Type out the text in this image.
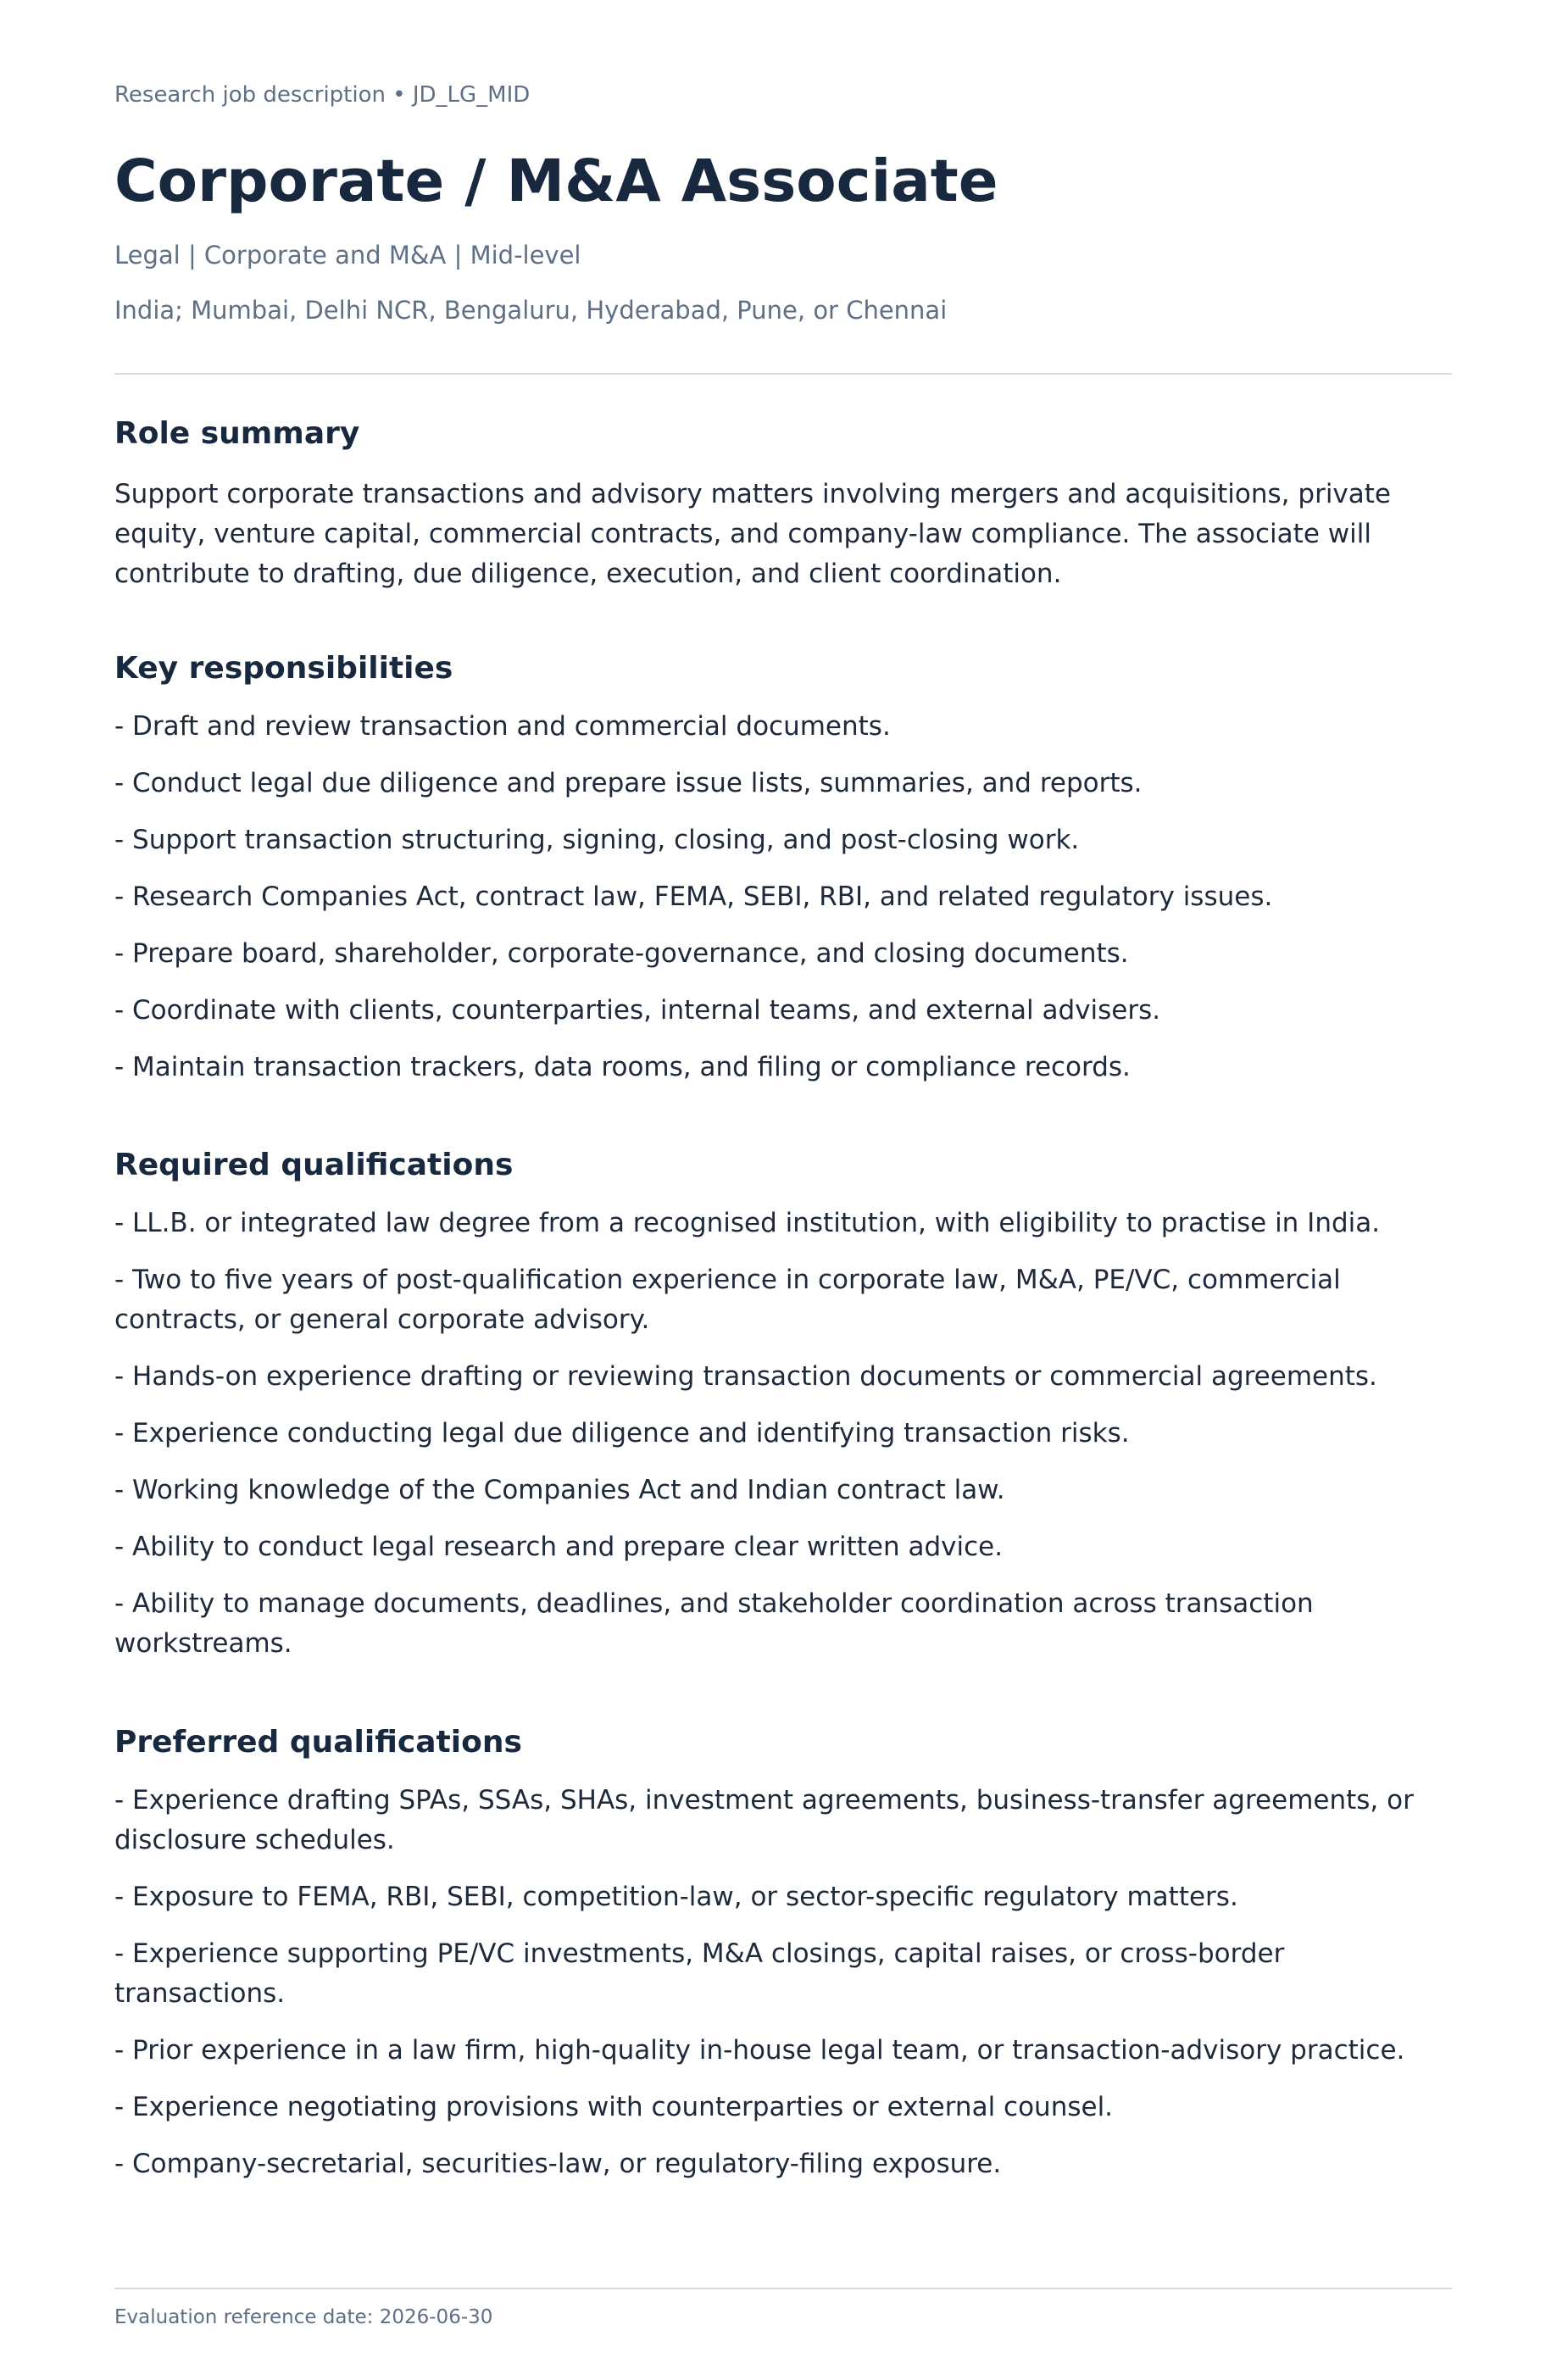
Research job description • JD_LG_MID
Corporate / M&A Associate
Legal | Corporate and M&A | Mid-level
India; Mumbai, Delhi NCR, Bengaluru, Hyderabad, Pune, or Chennai
Role summary

Support corporate transactions and advisory matters involving mergers and acquisitions, private equity, venture capital, commercial contracts, and company-law compliance. The associate will contribute to drafting, due diligence, execution, and client coordination.

Key responsibilities
- Draft and review transaction and commercial documents.
- Conduct legal due diligence and prepare issue lists, summaries, and reports.
- Support transaction structuring, signing, closing, and post-closing work.
- Research Companies Act, contract law, FEMA, SEBI, RBI, and related regulatory issues.
- Prepare board, shareholder, corporate-governance, and closing documents.
- Coordinate with clients, counterparties, internal teams, and external advisers.
- Maintain transaction trackers, data rooms, and filing or compliance records.
Required qualifications
- LL.B. or integrated law degree from a recognised institution, with eligibility to practise in India.
- Two to five years of post-qualification experience in corporate law, M&A, PE/VC, commercial contracts, or general corporate advisory.
- Hands-on experience drafting or reviewing transaction documents or commercial agreements.
- Experience conducting legal due diligence and identifying transaction risks.
- Working knowledge of the Companies Act and Indian contract law.
- Ability to conduct legal research and prepare clear written advice.
- Ability to manage documents, deadlines, and stakeholder coordination across transaction workstreams.
Preferred qualifications
- Experience drafting SPAs, SSAs, SHAs, investment agreements, business-transfer agreements, or disclosure schedules.
- Exposure to FEMA, RBI, SEBI, competition-law, or sector-specific regulatory matters.
- Experience supporting PE/VC investments, M&A closings, capital raises, or cross-border transactions.
- Prior experience in a law firm, high-quality in-house legal team, or transaction-advisory practice.
- Experience negotiating provisions with counterparties or external counsel.
- Company-secretarial, securities-law, or regulatory-filing exposure.
Evaluation reference date: 2026-06-30
